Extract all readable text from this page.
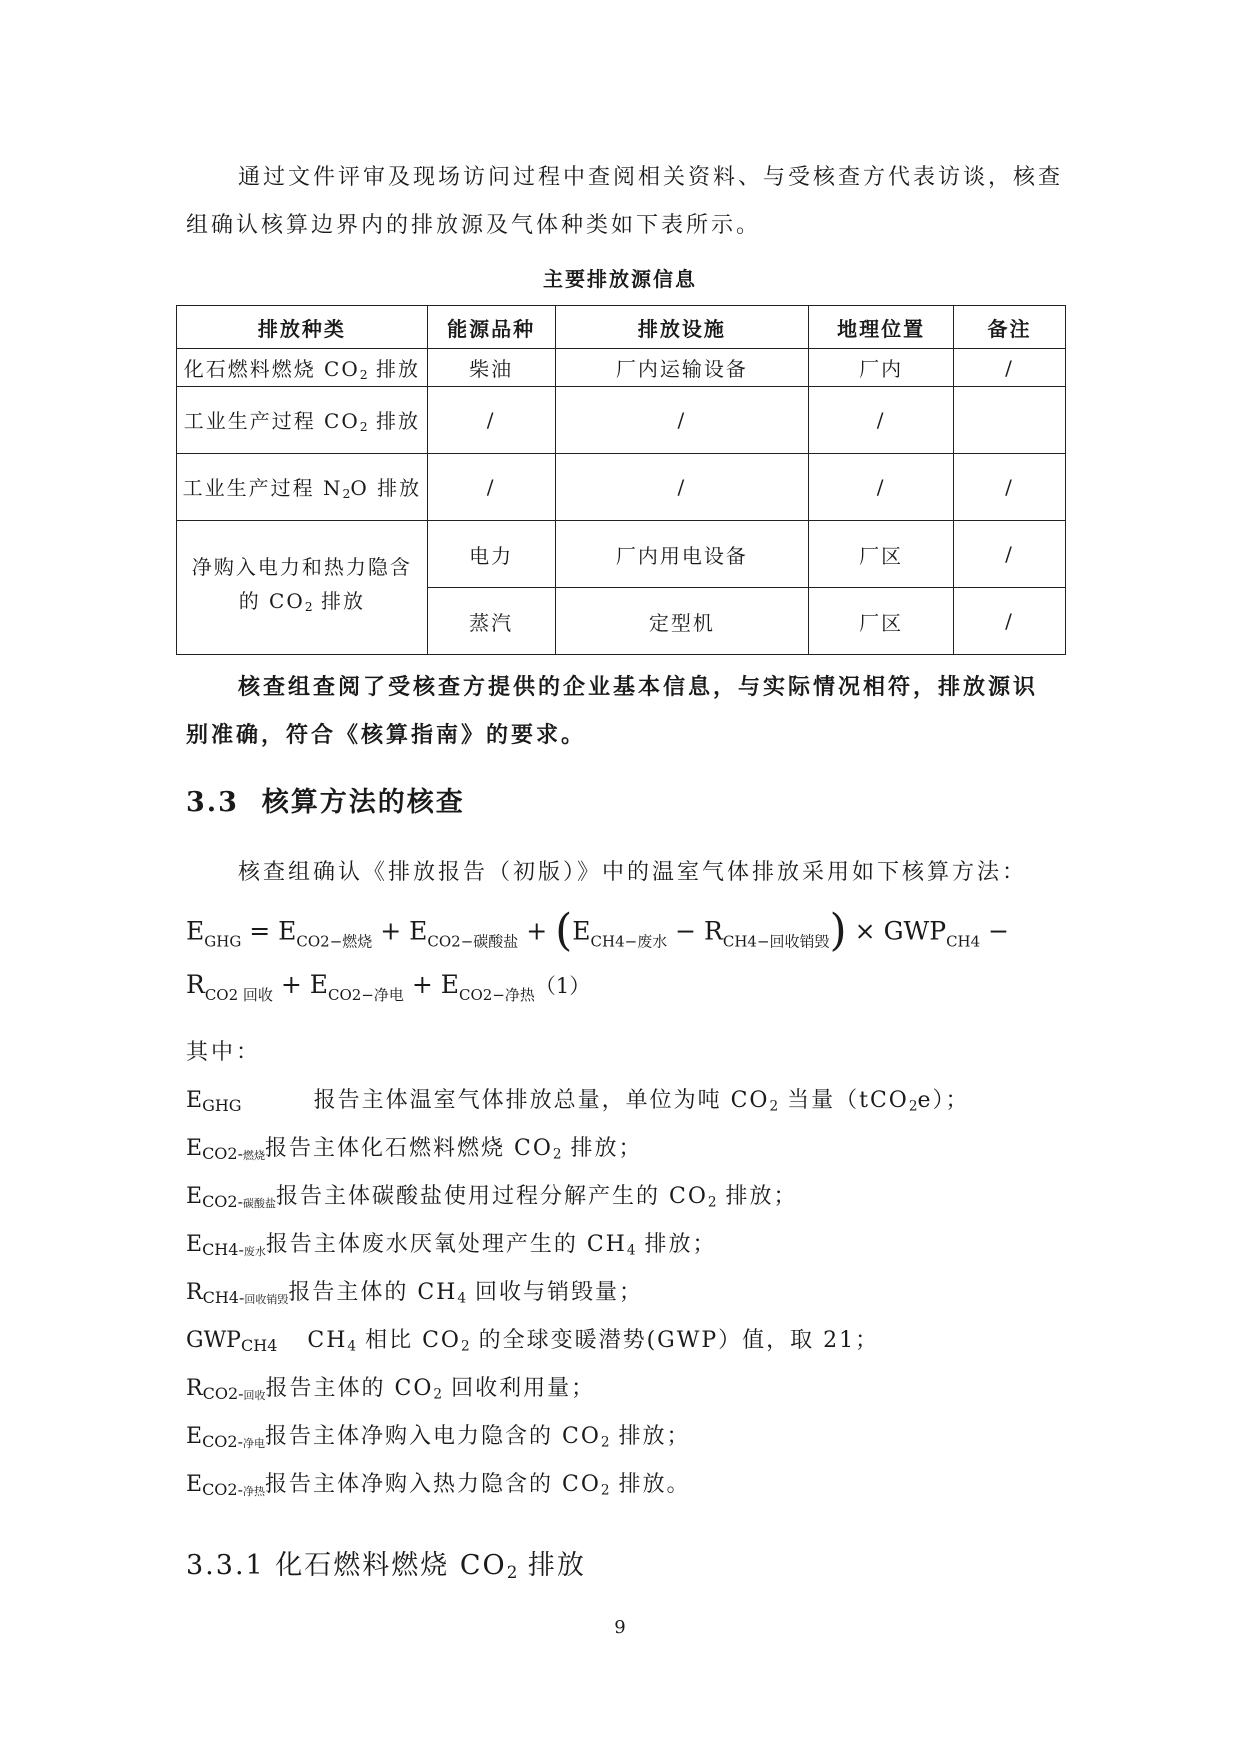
通过文件评审及现场访问过程中查阅相关资料、与受核查方代表访谈，核查
组确认核算边界内的排放源及气体种类如下表所示。
主要排放源信息
排放种类	能源品种	排放设施	地理位置	备注
化石燃料燃烧 $CO_2$ 排放	柴油	厂内运输设备	厂内	/
工业生产过程 $CO_2$ 排放	/	/	/	
工业生产过程 $N_2O$ 排放	/	/	/	/

净购入电力和热力隐含
的 $CO_2$ 排放	电力	厂内用电设备	厂区	/
	蒸汽	定型机	厂区	/
核查组查阅了受核查方提供的企业基本信息，与实际情况相符，排放源识
别准确，符合《核算指南》的要求。
3.3 核算方法的核查
核查组确认《排放报告（初版）》中的温室气体排放采用如下核算方法：
$E_{GHG} = E_{CO2-燃烧} + E_{CO2-碳酸盐} + (E_{CH4-废水} - R_{CH4-回收销毁}) \times GWP_{CH4}$ −
$R_{CO2 回收} + E_{CO2-净电} + E_{CO2-净热}(1)$
其中：
EGHG	报告主体温室气体排放总量，单位为吨 $CO_2$ 当量（tCO$_2$e）；
ECO2-燃烧报告主体化石燃料燃烧 $CO_2$ 排放；
ECO2-碳酸盐报告主体碳酸盐使用过程分解产生的 $CO_2$ 排放；
ECH4-废水报告主体废水厌氧处理产生的 $CH_4$ 排放；
RCH4-回收销毁报告主体的 $CH_4$ 回收与销毁量；
GWPCH4 $CH_4$ 相比 $CO_2$ 的全球变暖潜势(GWP）值，取 21；
RCO2-回收报告主体的 $CO_2$ 回收利用量；
ECO2-净电报告主体净购入电力隐含的 $CO_2$ 排放；
ECO2-净热报告主体净购入热力隐含的 $CO_2$ 排放。
3.3.1 化石燃料燃烧 $CO_2$ 排放
9
